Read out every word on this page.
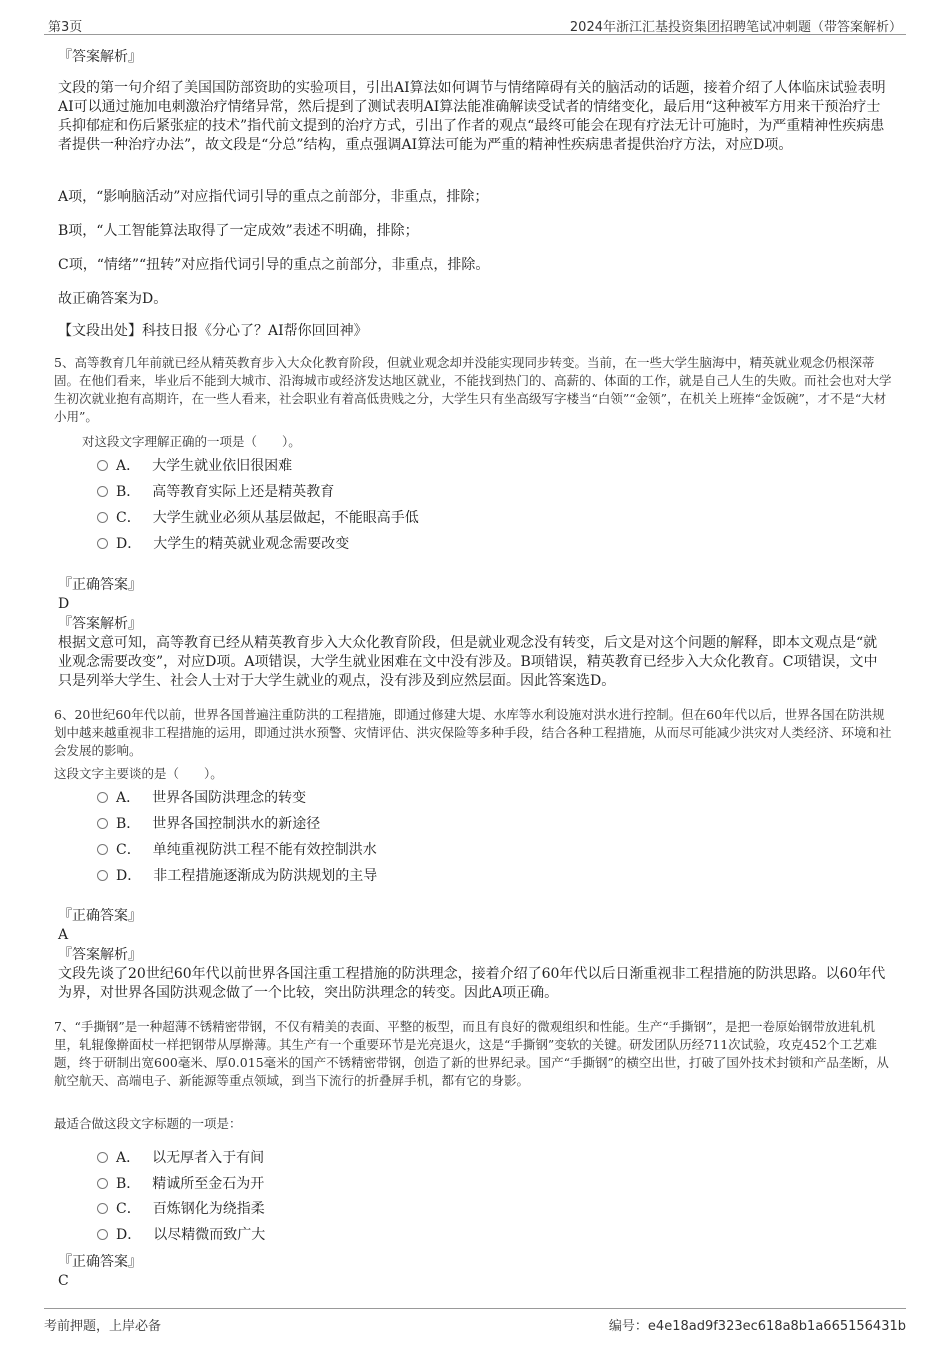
第3页	2024年浙江汇基投资集团招聘笔试冲刺题（带答案解析）

『答案解析』

文段的第一句介绍了美国国防部资助的实验项目，引出AI算法如何调节与情绪障碍有关的脑活动的话题，接着介绍了人体临床试验表明AI可以通过施加电刺激治疗情绪异常，然后提到了测试表明AI算法能准确解读受试者的情绪变化，最后用“这种被军方用来干预治疗士兵抑郁症和伤后紧张症的技术”指代前文提到的治疗方式，引出了作者的观点“最终可能会在现有疗法无计可施时，为严重精神性疾病患者提供一种治疗办法”，故文段是“分总”结构，重点强调AI算法可能为严重的精神性疾病患者提供治疗方法，对应D项。

A项，“影响脑活动”对应指代词引导的重点之前部分，非重点，排除；

B项，“人工智能算法取得了一定成效”表述不明确，排除；

C项，“情绪”“扭转”对应指代词引导的重点之前部分，非重点，排除。

故正确答案为D。

【文段出处】科技日报《分心了？AI帮你回回神》

5、高等教育几年前就已经从精英教育步入大众化教育阶段，但就业观念却并没能实现同步转变。当前，在一些大学生脑海中，精英就业观念仍根深蒂固。在他们看来，毕业后不能到大城市、沿海城市或经济发达地区就业，不能找到热门的、高薪的、体面的工作，就是自己人生的失败。而社会也对大学生初次就业抱有高期许，在一些人看来，社会职业有着高低贵贱之分，大学生只有坐高级写字楼当“白领”“金领”，在机关上班捧“金饭碗”，才不是“大材小用”。

对这段文字理解正确的一项是（　　）。

A． 大学生就业依旧很困难
B． 高等教育实际上还是精英教育
C． 大学生就业必须从基层做起，不能眼高手低
D． 大学生的精英就业观念需要改变

『正确答案』

D

『答案解析』

根据文意可知，高等教育已经从精英教育步入大众化教育阶段，但是就业观念没有转变，后文是对这个问题的解释，即本文观点是“就业观念需要改变”，对应D项。A项错误，大学生就业困难在文中没有涉及。B项错误，精英教育已经步入大众化教育。C项错误，文中只是列举大学生、社会人士对于大学生就业的观点，没有涉及到应然层面。因此答案选D。

6、20世纪60年代以前，世界各国普遍注重防洪的工程措施，即通过修建大堤、水库等水利设施对洪水进行控制。但在60年代以后，世界各国在防洪规划中越来越重视非工程措施的运用，即通过洪水预警、灾情评估、洪灾保险等多种手段，结合各种工程措施，从而尽可能减少洪灾对人类经济、环境和社会发展的影响。

这段文字主要谈的是（　　）。

A． 世界各国防洪理念的转变
B． 世界各国控制洪水的新途径
C． 单纯重视防洪工程不能有效控制洪水
D． 非工程措施逐渐成为防洪规划的主导

『正确答案』

A

『答案解析』

文段先谈了20世纪60年代以前世界各国注重工程措施的防洪理念，接着介绍了60年代以后日渐重视非工程措施的防洪思路。以60年代为界，对世界各国防洪观念做了一个比较，突出防洪理念的转变。因此A项正确。

7、“手撕钢”是一种超薄不锈精密带钢，不仅有精美的表面、平整的板型，而且有良好的微观组织和性能。生产“手撕钢”，是把一卷原始钢带放进轧机里，轧辊像擀面杖一样把钢带从厚擀薄。其生产有一个重要环节是光亮退火，这是“手撕钢”变软的关键。研发团队历经711次试验，攻克452个工艺难题，终于研制出宽600毫米、厚0.015毫米的国产不锈精密带钢，创造了新的世界纪录。国产“手撕钢”的横空出世，打破了国外技术封锁和产品垄断，从航空航天、高端电子、新能源等重点领域，到当下流行的折叠屏手机，都有它的身影。

最适合做这段文字标题的一项是：

A． 以无厚者入于有间
B． 精诚所至金石为开
C． 百炼钢化为绕指柔
D． 以尽精微而致广大

『正确答案』

C

考前押题，上岸必备	编号：e4e18ad9f323ec618a8b1a665156431b
